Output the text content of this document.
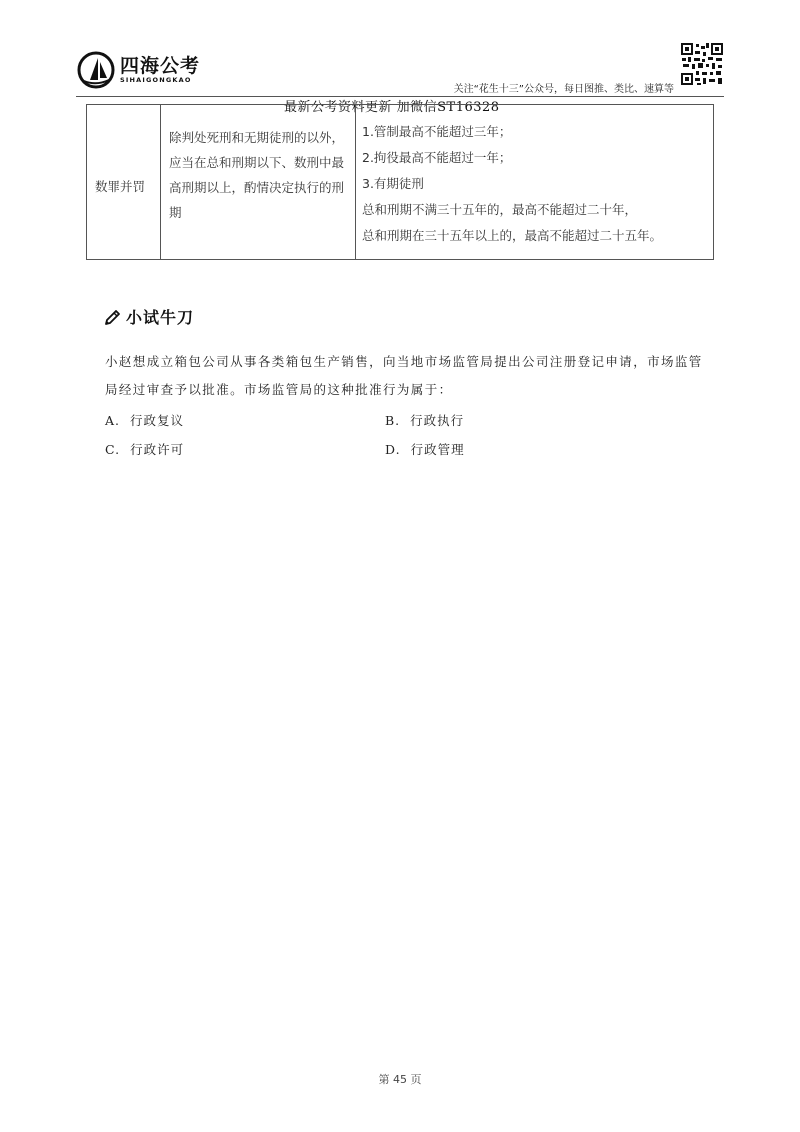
四海公考
SIHAIGONGKAO
关注“花生十三”公众号，每日图推、类比、速算等
最新公考资料更新 加微信ST16328
数罪并罚
除判处死刑和无期徒刑的以外，应当在总和刑期以下、数刑中最高刑期以上，酌情决定执行的刑期
1.管制最高不能超过三年；
2.拘役最高不能超过一年；
3.有期徒刑
总和刑期不满三十五年的，最高不能超过二十年，
总和刑期在三十五年以上的，最高不能超过二十五年。
小试牛刀
小赵想成立箱包公司从事各类箱包生产销售，向当地市场监管局提出公司注册登记申请，市场监管局经过审查予以批准。市场监管局的这种批准行为属于：
A. 行政复议	B. 行政执行
C. 行政许可	D. 行政管理
第 45 页
